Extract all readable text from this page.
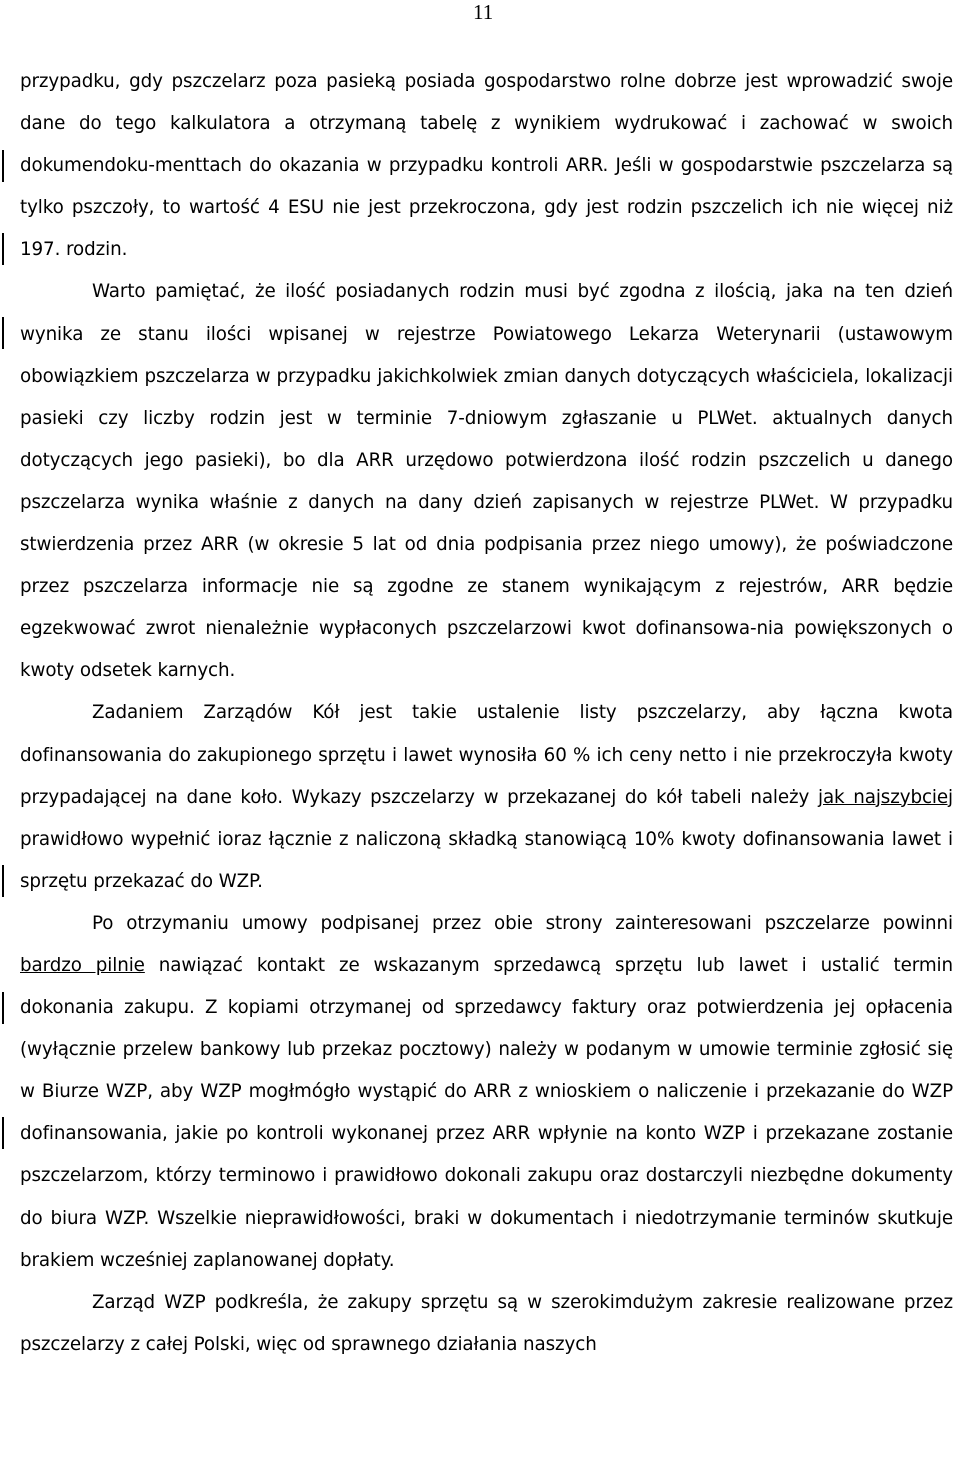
11

przypadku, gdy pszczelarz poza pasieką posiada gospodarstwo rolne dobrze jest wprowadzić swoje dane do tego kalkulatora a otrzymaną tabelę z wynikiem wydrukować i zachować w swoich dokumendoku-menttach do okazania w przypadku kontroli ARR. Jeśli w gospodarstwie pszczelarza są tylko pszczoły, to wartość 4 ESU nie jest przekroczona, gdy jest rodzin pszczelich ich nie więcej niż 197. rodzin.

Warto pamiętać, że ilość posiadanych rodzin musi być zgodna z ilością, jaka na ten dzień wynika ze stanu ilości wpisanej w rejestrze Powiatowego Lekarza Weterynarii (ustawowym obowiązkiem pszczelarza w przypadku jakichkolwiek zmian danych dotyczących właściciela, lokalizacji pasieki czy liczby rodzin jest w terminie 7-dniowym zgłaszanie u PLWet. aktualnych danych dotyczących jego pasieki), bo dla ARR urzędowo potwierdzona ilość rodzin pszczelich u danego pszczelarza wynika właśnie z danych na dany dzień zapisanych w rejestrze PLWet. W przypadku stwierdzenia przez ARR (w okresie 5 lat od dnia podpisania przez niego umowy), że poświadczone przez pszczelarza informacje nie są zgodne ze stanem wynikającym z rejestrów, ARR będzie egzekwować zwrot nienależnie wypłaconych pszczelarzowi kwot dofinansowa-nia powiększonych o kwoty odsetek karnych.

Zadaniem Zarządów Kół jest takie ustalenie listy pszczelarzy, aby łączna kwota dofinansowania do zakupionego sprzętu i lawet wynosiła 60 % ich ceny netto i nie przekroczyła kwoty przypadającej na dane koło. Wykazy pszczelarzy w przekazanej do kół tabeli należy jak najszybciej prawidłowo wypełnić ioraz łącznie z naliczoną składką stanowiącą 10% kwoty dofinansowania lawet i sprzętu przekazać do WZP.

Po otrzymaniu umowy podpisanej przez obie strony zainteresowani pszczelarze powinni bardzo pilnie nawiązać kontakt ze wskazanym sprzedawcą sprzętu lub lawet i ustalić termin dokonania zakupu. Z kopiami otrzymanej od sprzedawcy faktury oraz potwierdzenia jej opłacenia (wyłącznie przelew bankowy lub przekaz pocztowy) należy w podanym w umowie terminie zgłosić się w Biurze WZP, aby WZP mogłmógło wystąpić do ARR z wnioskiem o naliczenie i przekazanie do WZP dofinansowania, jakie po kontroli wykonanej przez ARR wpłynie na konto WZP i przekazane zostanie pszczelarzom, którzy terminowo i prawidłowo dokonali zakupu oraz dostarczyli niezbędne dokumenty do biura WZP. Wszelkie nieprawidłowości, braki w dokumentach i niedotrzymanie terminów skutkuje brakiem wcześniej zaplanowanej dopłaty.

Zarząd WZP podkreśla, że zakupy sprzętu są w szerokimdużym zakresie realizowane przez pszczelarzy z całej Polski, więc od sprawnego działania naszych
